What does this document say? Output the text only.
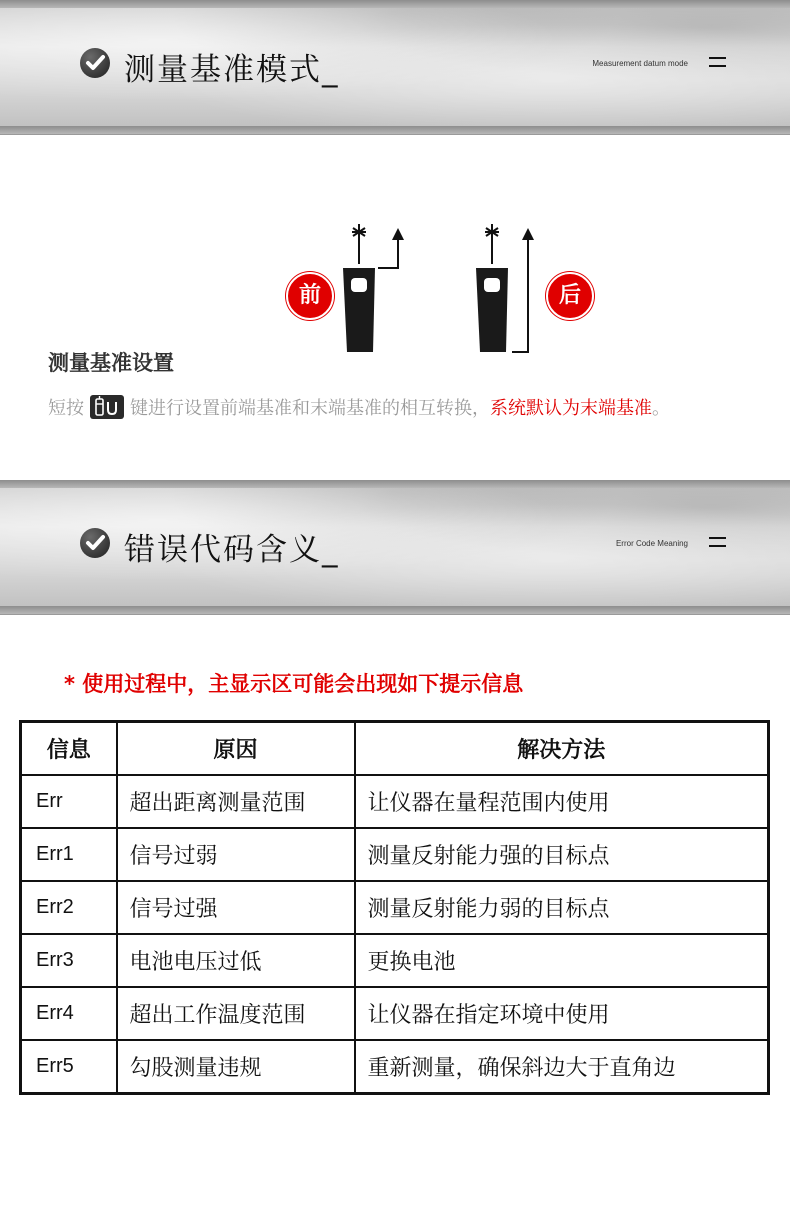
测量基准模式_	Measurement datum mode
前	后
测量基准设置
短按	键进行设置前端基准和末端基准的相互转换，系统默认为末端基准。
错误代码含义_	Error Code Meaning
* 使用过程中，主显示区可能会出现如下提示信息
信息	原因	解决方法
Err	超出距离测量范围	让仪器在量程范围内使用
Err1	信号过弱	测量反射能力强的目标点
Err2	信号过强	测量反射能力弱的目标点
Err3	电池电压过低	更换电池
Err4	超出工作温度范围	让仪器在指定环境中使用
Err5	勾股测量违规	重新测量，确保斜边大于直角边
